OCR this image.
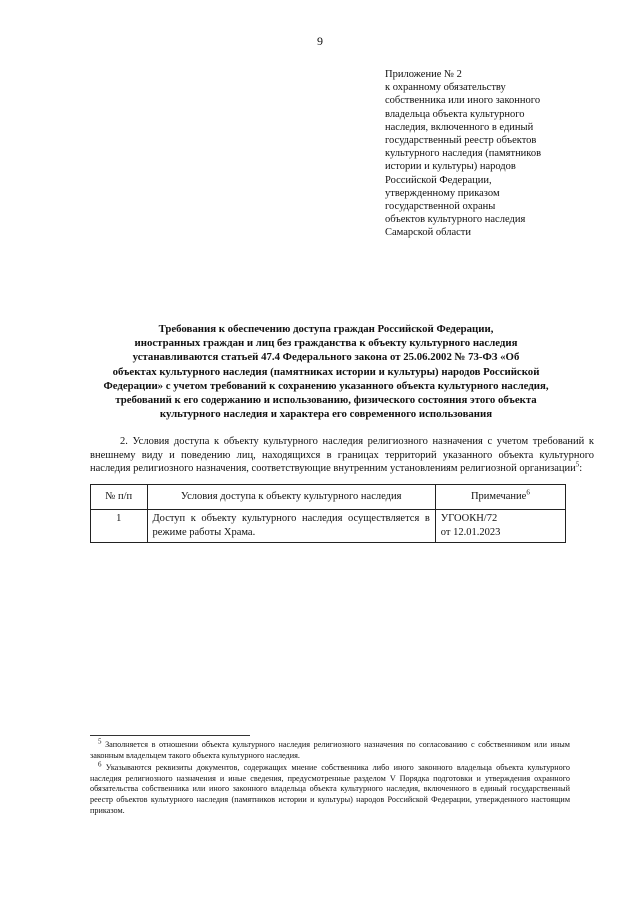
9
Приложение № 2
к охранному обязательству
собственника или иного законного
владельца объекта культурного
наследия, включенного в единый
государственный реестр объектов
культурного наследия (памятников
истории и культуры) народов
Российской Федерации,
утвержденному приказом
государственной охраны
объектов культурного наследия
Самарской области
Требования к обеспечению доступа граждан Российской Федерации,
иностранных граждан и лиц без гражданства к объекту культурного наследия
устанавливаются статьей 47.4 Федерального закона от 25.06.2002 № 73-ФЗ «Об
объектах культурного наследия (памятниках истории и культуры) народов Российской
Федерации» с учетом требований к сохранению указанного объекта культурного наследия,
требований к его содержанию и использованию, физического состояния этого объекта
культурного наследия и характера его современного использования
2. Условия доступа к объекту культурного наследия религиозного назначения с учетом требований к внешнему виду и поведению лиц, находящихся в границах территорий указанного объекта культурного наследия религиозного назначения, соответствующие внутренним установлениям религиозной организации$^5$:
№ п/п	Условия доступа к объекту культурного наследия	Примечание$^6$
1	Доступ к объекту культурного наследия осуществляется в режиме работы Храма.	УГООКН/72
от 12.01.2023

$^5$ Заполняется в отношении объекта культурного наследия религиозного назначения по согласованию с собственником или иным законным владельцем такого объекта культурного наследия.

$^6$ Указываются реквизиты документов, содержащих мнение собственника либо иного законного владельца объекта культурного наследия религиозного назначения и иные сведения, предусмотренные разделом V Порядка подготовки и утверждения охранного обязательства собственника или иного законного владельца объекта культурного наследия, включенного в единый государственный реестр объектов культурного наследия (памятников истории и культуры) народов Российской Федерации, утвержденного настоящим приказом.
